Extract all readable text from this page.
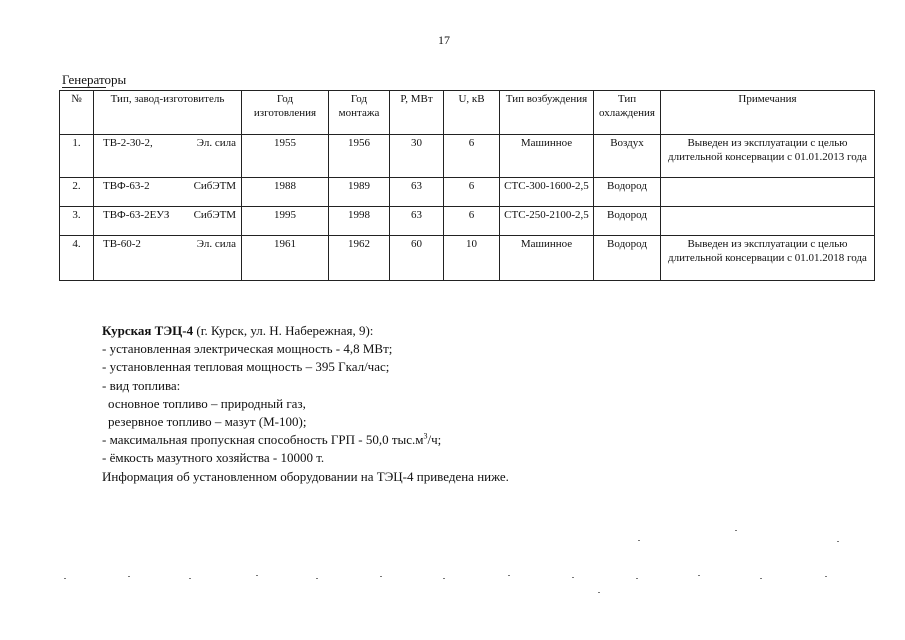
17
Генераторы
№	Тип, завод-изготовитель	Год изготовления	Год монтажа	P, МВт	U, кВ	Тип возбуждения	Тип охлаждения	Примечания
1.	ТВ-2-30-2, Эл. сила	1955	1956	30	6	Машинное	Воздух	Выведен из эксплуатации с целью длительной консервации с 01.01.2013 года
2.	ТВФ-63-2 СибЭТМ	1988	1989	63	6	СТС-300-1600-2,5	Водород	
3.	ТВФ-63-2ЕУЗ СибЭТМ	1995	1998	63	6	СТС-250-2100-2,5	Водород	
4.	ТВ-60-2 Эл. сила	1961	1962	60	10	Машинное	Водород	Выведен из эксплуатации с целью длительной консервации с 01.01.2018 года
Курская ТЭЦ-4 (г. Курск, ул. Н. Набережная, 9):
- установленная электрическая мощность - 4,8 МВт;
- установленная тепловая мощность – 395 Гкал/час;
- вид топлива:
основное топливо – природный газ,
резервное топливо – мазут (М-100);
- максимальная пропускная способность ГРП - 50,0 $тыс.м^3/ч$;
- ёмкость мазутного хозяйства - 10000 т.
Информация об установленном оборудовании на ТЭЦ-4 приведена ниже.
